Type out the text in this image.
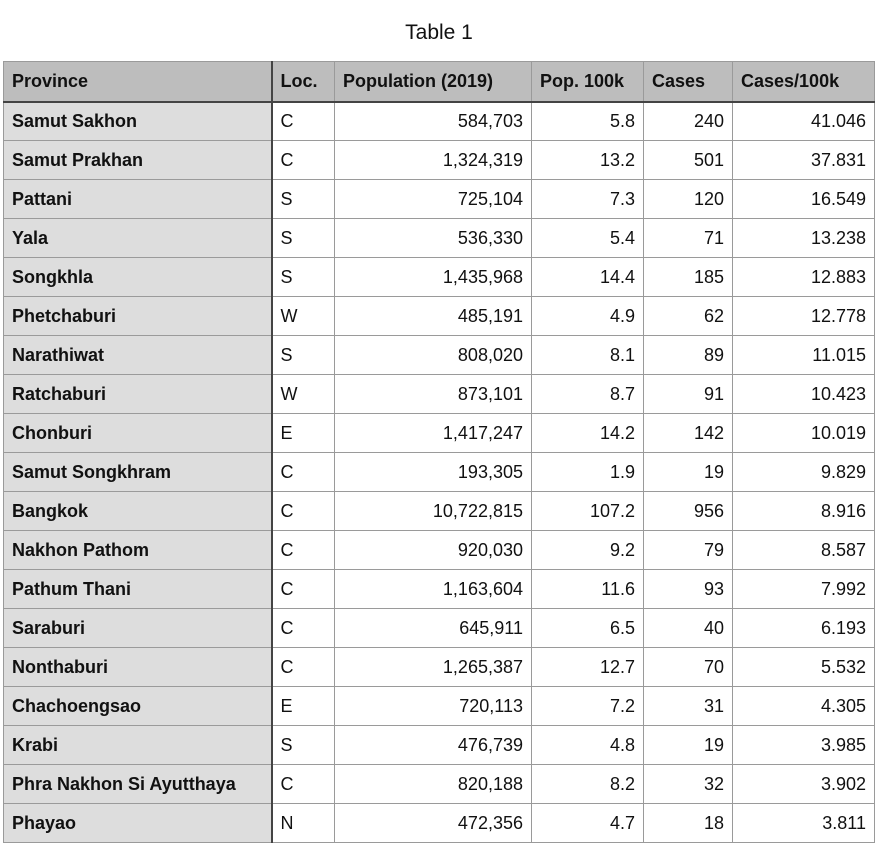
Table 1
Province	Loc.	Population (2019)	Pop. 100k	Cases	Cases/100k
Samut Sakhon	C	584,703	5.8	240	41.046
Samut Prakhan	C	1,324,319	13.2	501	37.831
Pattani	S	725,104	7.3	120	16.549
Yala	S	536,330	5.4	71	13.238
Songkhla	S	1,435,968	14.4	185	12.883
Phetchaburi	W	485,191	4.9	62	12.778
Narathiwat	S	808,020	8.1	89	11.015
Ratchaburi	W	873,101	8.7	91	10.423
Chonburi	E	1,417,247	14.2	142	10.019
Samut Songkhram	C	193,305	1.9	19	9.829
Bangkok	C	10,722,815	107.2	956	8.916
Nakhon Pathom	C	920,030	9.2	79	8.587
Pathum Thani	C	1,163,604	11.6	93	7.992
Saraburi	C	645,911	6.5	40	6.193
Nonthaburi	C	1,265,387	12.7	70	5.532
Chachoengsao	E	720,113	7.2	31	4.305
Krabi	S	476,739	4.8	19	3.985
Phra Nakhon Si Ayutthaya	C	820,188	8.2	32	3.902
Phayao	N	472,356	4.7	18	3.811
